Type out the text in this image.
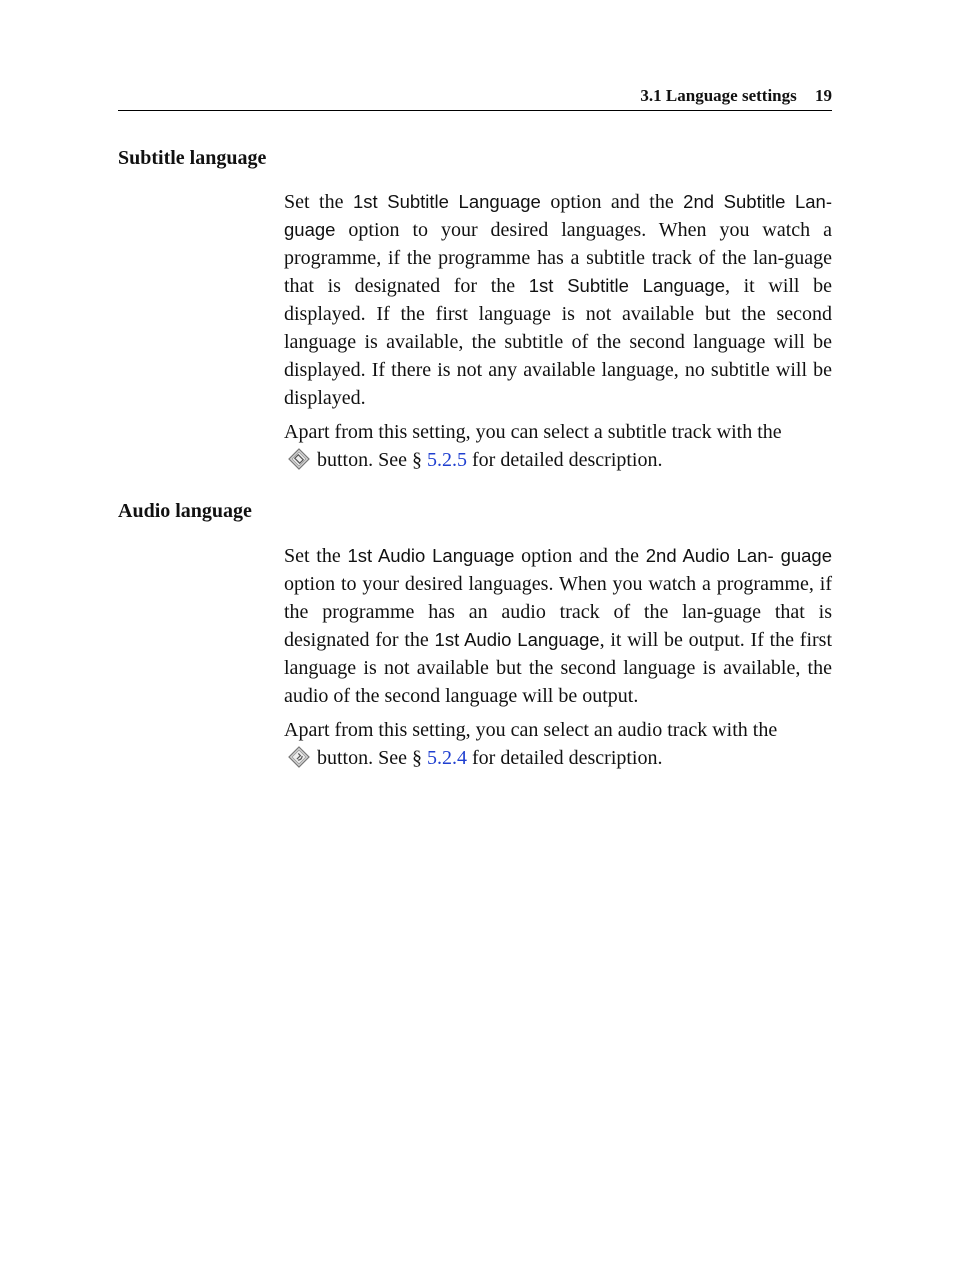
3.1 Language settings 19
Subtitle language

Set the 1st Subtitle Language option and the 2nd Subtitle Lan- guage option to your desired languages. When you watch a programme, if the programme has a subtitle track of the lan-guage that is designated for the 1st Subtitle Language, it will be displayed. If the first language is not available but the second language is available, the subtitle of the second language will be displayed. If there is not any available language, no subtitle will be displayed.

Apart from this setting, you can select a subtitle track with the
button. See § 5.2.5 for detailed description.

Audio language

Set the 1st Audio Language option and the 2nd Audio Lan- guage option to your desired languages. When you watch a programme, if the programme has an audio track of the lan-guage that is designated for the 1st Audio Language, it will be output. If the first language is not available but the second language is available, the audio of the second language will be output.

Apart from this setting, you can select an audio track with the
button. See § 5.2.4 for detailed description.
